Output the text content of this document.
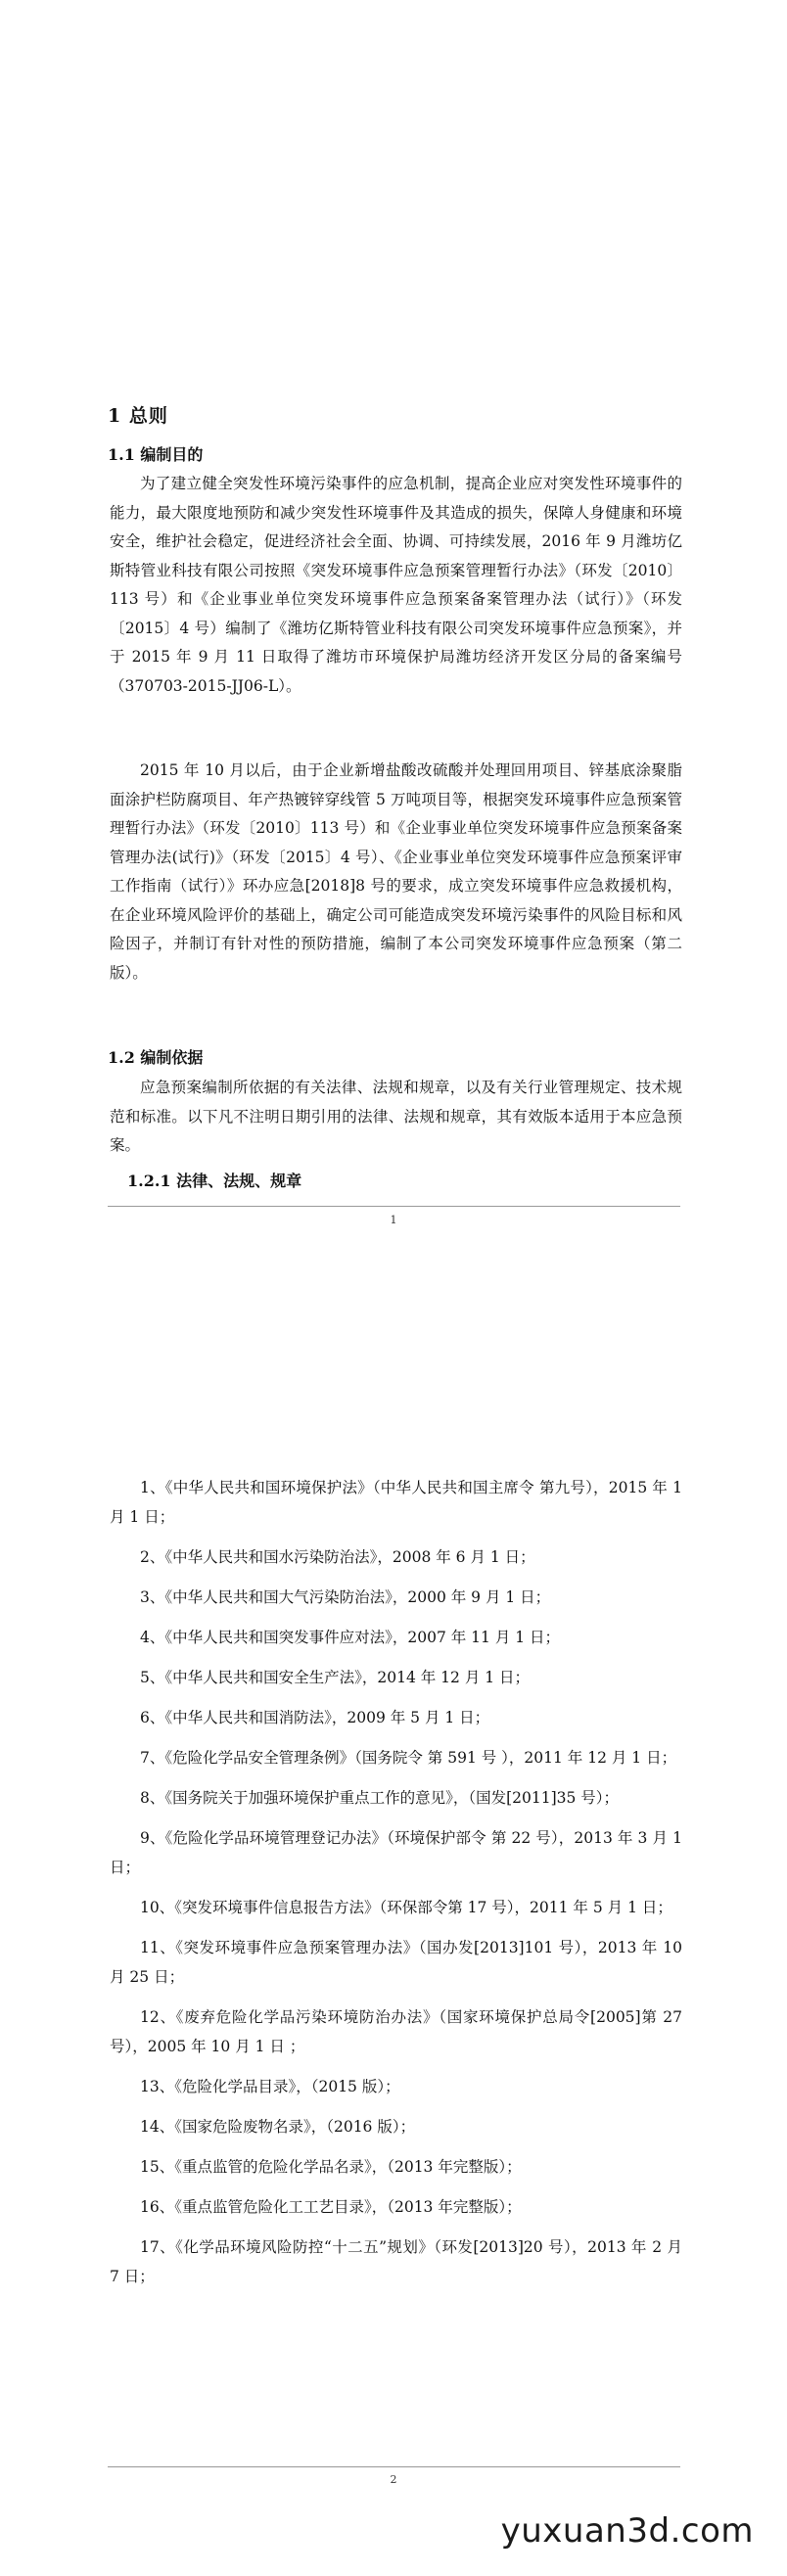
1 总则
1.1 编制目的

为了建立健全突发性环境污染事件的应急机制，提高企业应对突发性环境事件的能力，最大限度地预防和减少突发性环境事件及其造成的损失，保障人身健康和环境安全，维护社会稳定，促进经济社会全面、协调、可持续发展，2016 年 9 月潍坊亿斯特管业科技有限公司按照《突发环境事件应急预案管理暂行办法》（环发〔2010〕113 号）和《企业事业单位突发环境事件应急预案备案管理办法（试行）》（环发〔2015〕4 号）编制了《潍坊亿斯特管业科技有限公司突发环境事件应急预案》，并于 2015 年 9 月 11 日取得了潍坊市环境保护局潍坊经济开发区分局的备案编号（370703-2015-JJ06-L）。

2015 年 10 月以后，由于企业新增盐酸改硫酸并处理回用项目、锌基底涂聚脂面涂护栏防腐项目、年产热镀锌穿线管 5 万吨项目等，根据突发环境事件应急预案管理暂行办法》（环发〔2010〕113 号）和《企业事业单位突发环境事件应急预案备案管理办法(试行)》（环发〔2015〕4 号）、《企业事业单位突发环境事件应急预案评审工作指南（试行）》环办应急[2018]8 号的要求，成立突发环境事件应急救援机构，在企业环境风险评价的基础上，确定公司可能造成突发环境污染事件的风险目标和风险因子，并制订有针对性的预防措施，编制了本公司突发环境事件应急预案（第二版）。

1.2 编制依据

应急预案编制所依据的有关法律、法规和规章，以及有关行业管理规定、技术规范和标准。以下凡不注明日期引用的法律、法规和规章，其有效版本适用于本应急预案。

1.2.1 法律、法规、规章
1
1、《中华人民共和国环境保护法》（中华人民共和国主席令 第九号），2015 年 1 月 1 日；
2、《中华人民共和国水污染防治法》，2008 年 6 月 1 日；
3、《中华人民共和国大气污染防治法》，2000 年 9 月 1 日；
4、《中华人民共和国突发事件应对法》，2007 年 11 月 1 日；
5、《中华人民共和国安全生产法》，2014 年 12 月 1 日；
6、《中华人民共和国消防法》，2009 年 5 月 1 日；
7、《危险化学品安全管理条例》（国务院令 第 591 号 ），2011 年 12 月 1 日；
8、《国务院关于加强环境保护重点工作的意见》，（国发[2011]35 号）；
9、《危险化学品环境管理登记办法》（环境保护部令 第 22 号），2013 年 3 月 1 日；
10、《突发环境事件信息报告方法》（环保部令第 17 号），2011 年 5 月 1 日；
11、《突发环境事件应急预案管理办法》（国办发[2013]101 号），2013 年 10 月 25 日；
12、《废弃危险化学品污染环境防治办法》（国家环境保护总局令[2005]第 27 号），2005 年 10 月 1 日 ；
13、《危险化学品目录》，（2015 版）；
14、《国家危险废物名录》，（2016 版）；
15、《重点监管的危险化学品名录》，（2013 年完整版）；
16、《重点监管危险化工工艺目录》，（2013 年完整版）；
17、《化学品环境风险防控“十二五”规划》（环发[2013]20 号），2013 年 2 月 7 日；
2
yuxuan3d.com
